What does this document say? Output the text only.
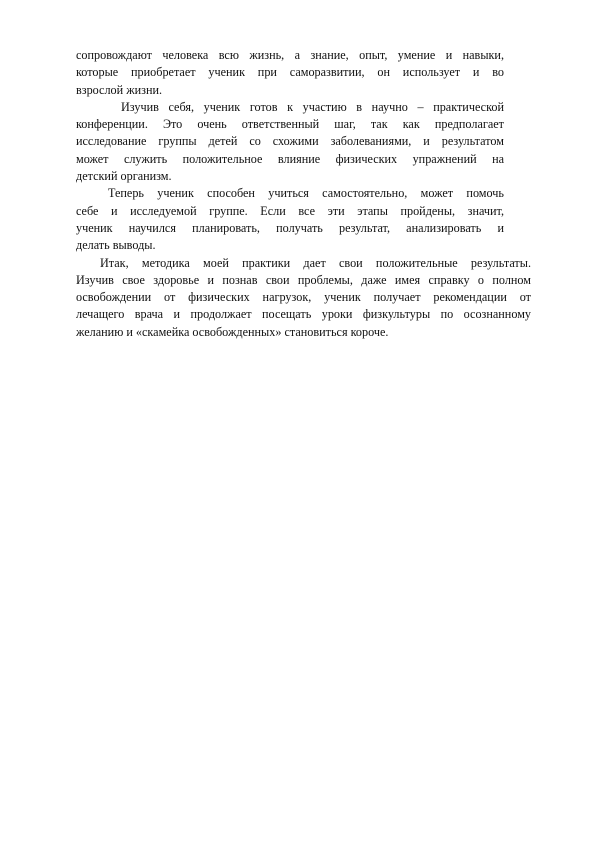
сопровождают человека всю жизнь, а знание, опыт, умение и навыки,
которые приобретает ученик при саморазвитии, он использует и во
взрослой жизни.
Изучив себя, ученик готов к участию в научно – практической
конференции. Это очень ответственный шаг, так как предполагает
исследование группы детей со схожими заболеваниями, и результатом
может служить положительное влияние физических упражнений на
детский организм.
Теперь ученик способен учиться самостоятельно, может помочь
себе и исследуемой группе. Если все эти этапы пройдены, значит,
ученик научился планировать, получать результат, анализировать и
делать выводы.
Итак, методика моей практики дает свои положительные результаты.
Изучив свое здоровье и познав свои проблемы, даже имея справку о полном
освобождении от физических нагрузок, ученик получает рекомендации от
лечащего врача и продолжает посещать уроки физкультуры по осознанному
желанию и «скамейка освобожденных» становиться короче.
